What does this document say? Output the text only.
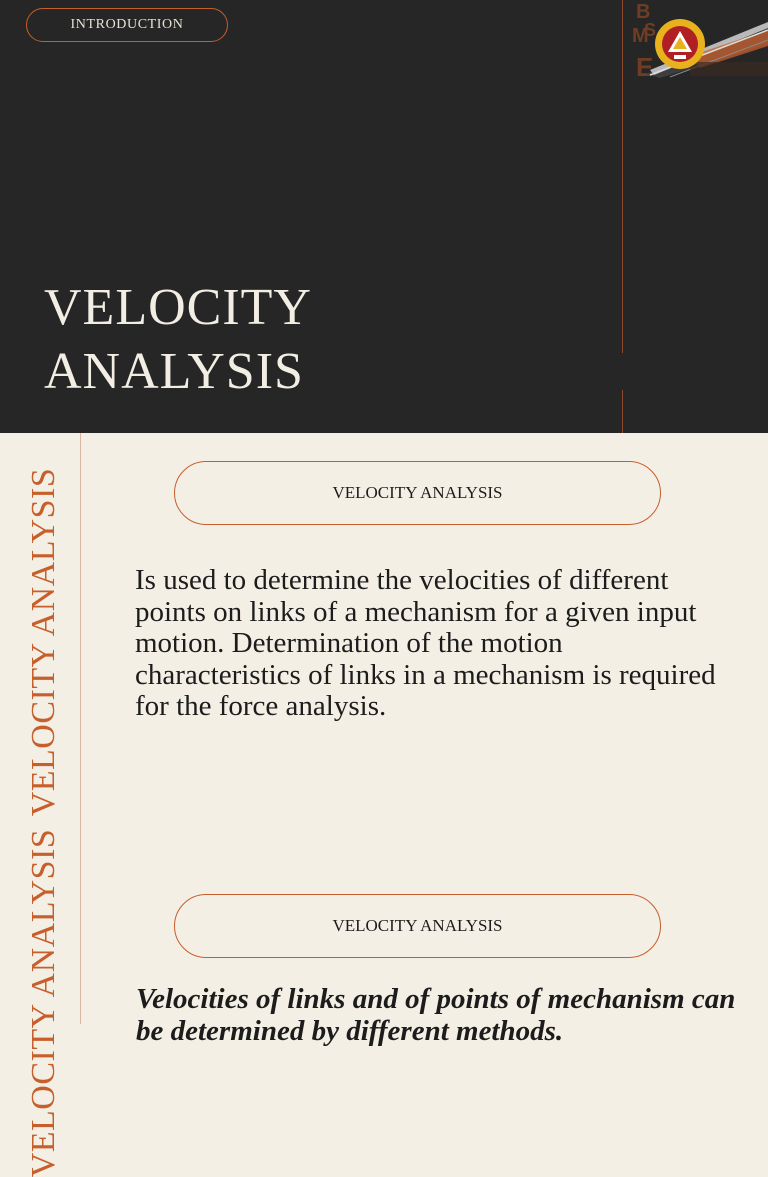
INTRODUCTION
B
M
S
E
VELOCITY
ANALYSIS
VELOCITY ANALYSIS	VELOCITY ANALYSIS
Is used to determine the velocities of different points on links of a mechanism for a given input motion. Determination of the motion characteristics of links in a mechanism is required for the force analysis.
VELOCITY ANALYSIS	VELOCITY ANALYSIS
Velocities of links and of points of mechanism can be determined by different methods.
